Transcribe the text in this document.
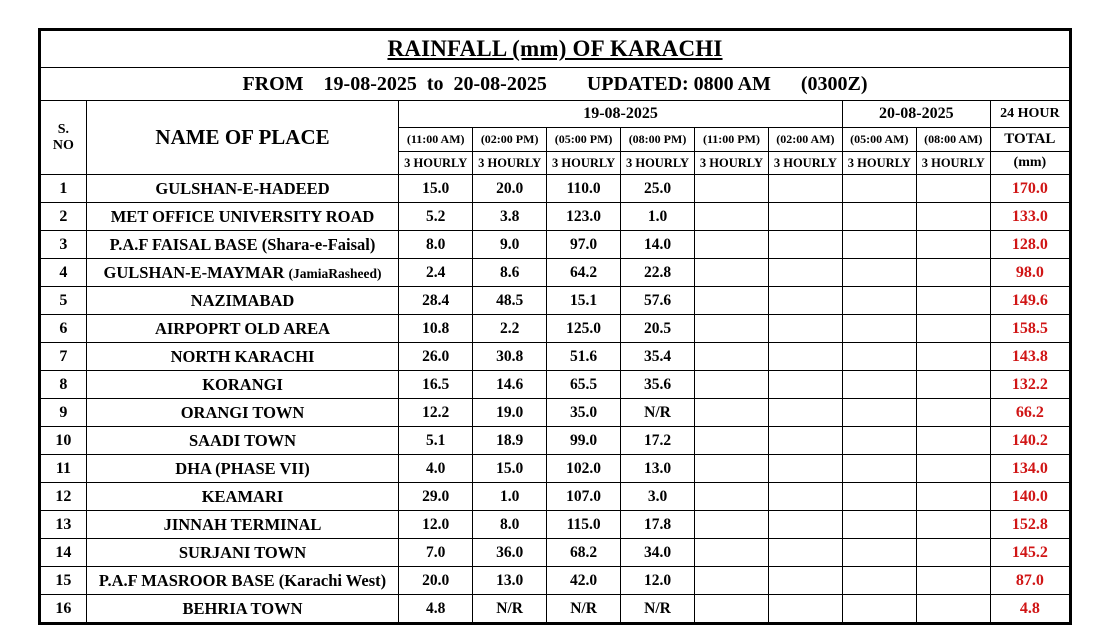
RAINFALL (mm) OF KARACHI										
FROM    19-08-2025  to  20-08-2025        UPDATED: 0800 AM      (0300Z)										

S.
NO	NAME OF PLACE	19-08-2025						20-08-2025		24 HOUR
		(11:00 AM)	(02:00 PM)	(05:00 PM)	(08:00 PM)	(11:00 PM)	(02:00 AM)	(05:00 AM)	(08:00 AM)	TOTAL
		3 HOURLY	3 HOURLY	3 HOURLY	3 HOURLY	3 HOURLY	3 HOURLY	3 HOURLY	3 HOURLY	(mm)
1	GULSHAN-E-HADEED	15.0	20.0	110.0	25.0					170.0
2	MET OFFICE UNIVERSITY ROAD	5.2	3.8	123.0	1.0					133.0
3	P.A.F FAISAL BASE (Shara-e-Faisal)	8.0	9.0	97.0	14.0					128.0
4	GULSHAN-E-MAYMAR (JamiaRasheed)	2.4	8.6	64.2	22.8					98.0
5	NAZIMABAD	28.4	48.5	15.1	57.6					149.6
6	AIRPOPRT OLD AREA	10.8	2.2	125.0	20.5					158.5
7	NORTH KARACHI	26.0	30.8	51.6	35.4					143.8
8	KORANGI	16.5	14.6	65.5	35.6					132.2
9	ORANGI TOWN	12.2	19.0	35.0	N/R					66.2
10	SAADI TOWN	5.1	18.9	99.0	17.2					140.2
11	DHA (PHASE VII)	4.0	15.0	102.0	13.0					134.0
12	KEAMARI	29.0	1.0	107.0	3.0					140.0
13	JINNAH TERMINAL	12.0	8.0	115.0	17.8					152.8
14	SURJANI TOWN	7.0	36.0	68.2	34.0					145.2
15	P.A.F MASROOR BASE (Karachi West)	20.0	13.0	42.0	12.0					87.0
16	BEHRIA TOWN	4.8	N/R	N/R	N/R					4.8
